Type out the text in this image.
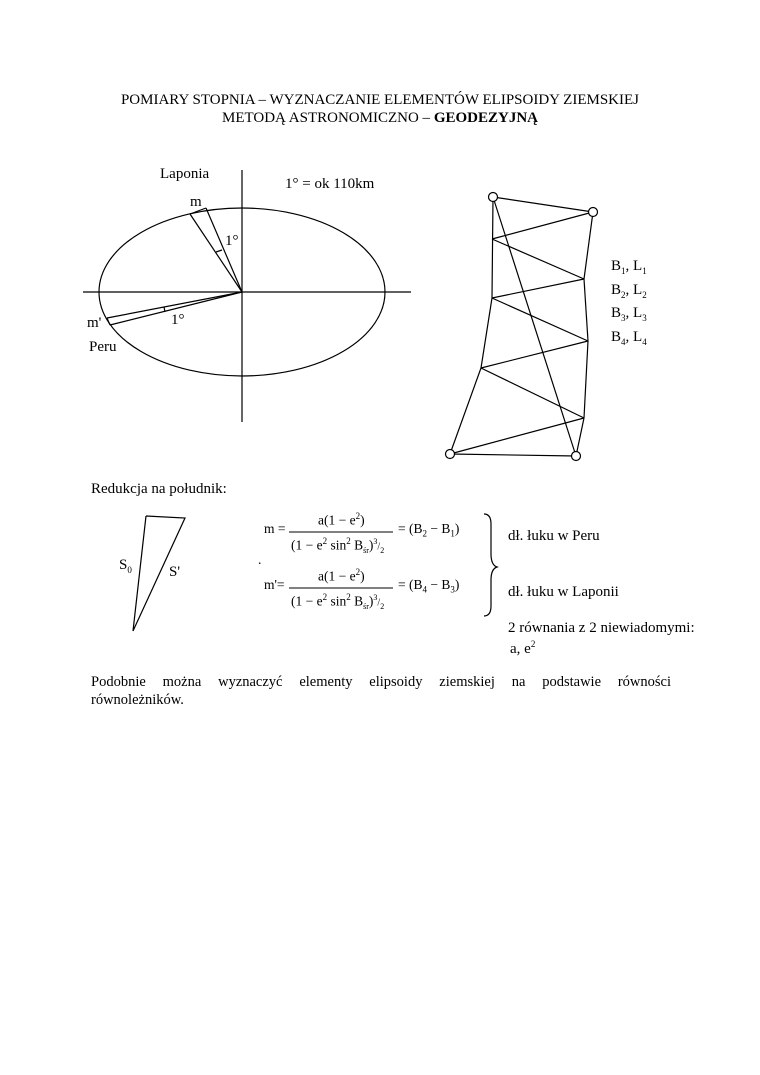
POMIARY STOPNIA – WYZNACZANIE ELEMENTÓW ELIPSOIDY ZIEMSKIEJ
METODĄ ASTRONOMICZNO – GEODEZYJNĄ
Laponia
1° = ok 110km
m
1°
m'	1°
Peru
$B_1$, $L_1$
$B_2$, $L_2$
$B_3$, $L_3$
$B_4$, $L_4$
Redukcja na południk:
$S_0$ S'
m =
$a(1 - e^2)$
($1 - e^2$ $\sin^2 B_{śr})^3/_2$
= $(B_2 - B_1)$
.
m'=
$a(1 - e^2)$
($1 - e^2$ $\sin^2 B_{śr})^3/_2$
= $(B_4 - B_3)$
dł. łuku w Peru
dł. łuku w Laponii
2 równania z 2 niewiadomymi:
a, $e^2$
Podobnie można wyznaczyć elementy elipsoidy ziemskiej na podstawie równości
równoleżników.
